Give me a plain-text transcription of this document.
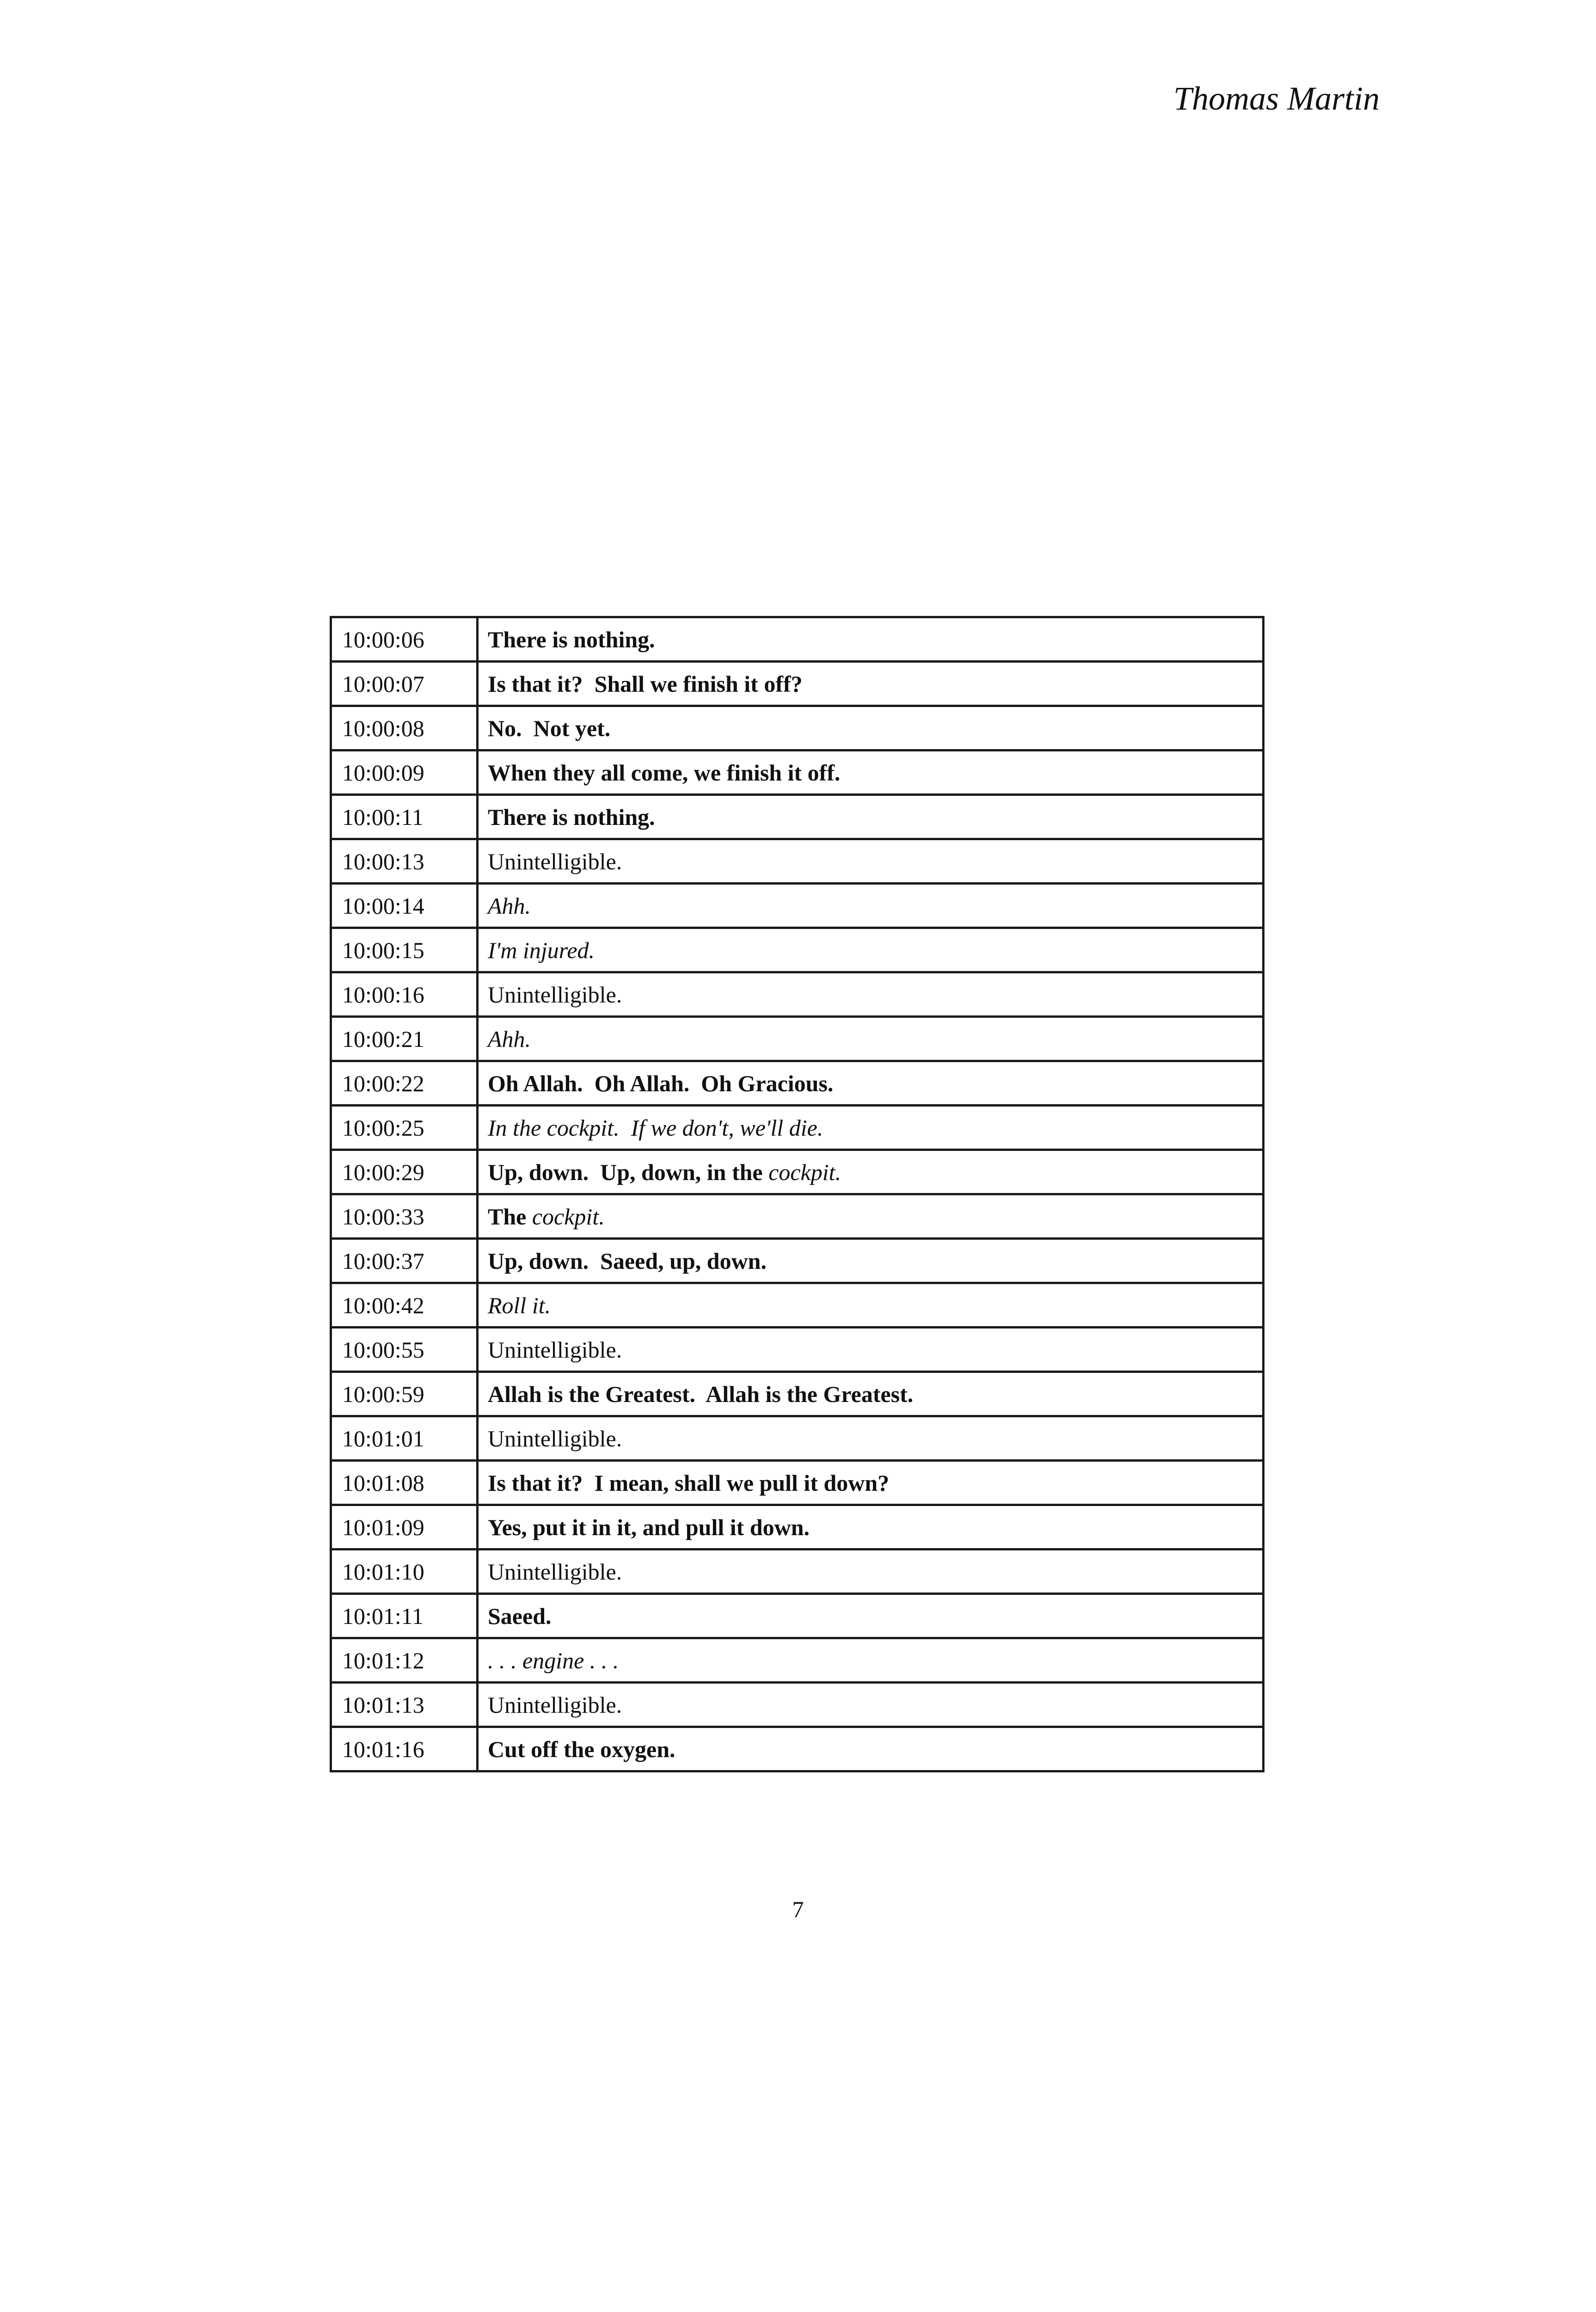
Thomas Martin
10:00:06	There is nothing.
10:00:07	Is that it?  Shall we finish it off?
10:00:08	No.  Not yet.
10:00:09	When they all come, we finish it off.
10:00:11	There is nothing.
10:00:13	Unintelligible.
10:00:14	Ahh.
10:00:15	I'm injured.
10:00:16	Unintelligible.
10:00:21	Ahh.
10:00:22	Oh Allah.  Oh Allah.  Oh Gracious.
10:00:25	In the cockpit.  If we don't, we'll die.
10:00:29	Up, down.  Up, down, in the cockpit.
10:00:33	The cockpit.
10:00:37	Up, down.  Saeed, up, down.
10:00:42	Roll it.
10:00:55	Unintelligible.
10:00:59	Allah is the Greatest.  Allah is the Greatest.
10:01:01	Unintelligible.
10:01:08	Is that it?  I mean, shall we pull it down?
10:01:09	Yes, put it in it, and pull it down.
10:01:10	Unintelligible.
10:01:11	Saeed.
10:01:12	. . . engine . . .
10:01:13	Unintelligible.
10:01:16	Cut off the oxygen.
7
